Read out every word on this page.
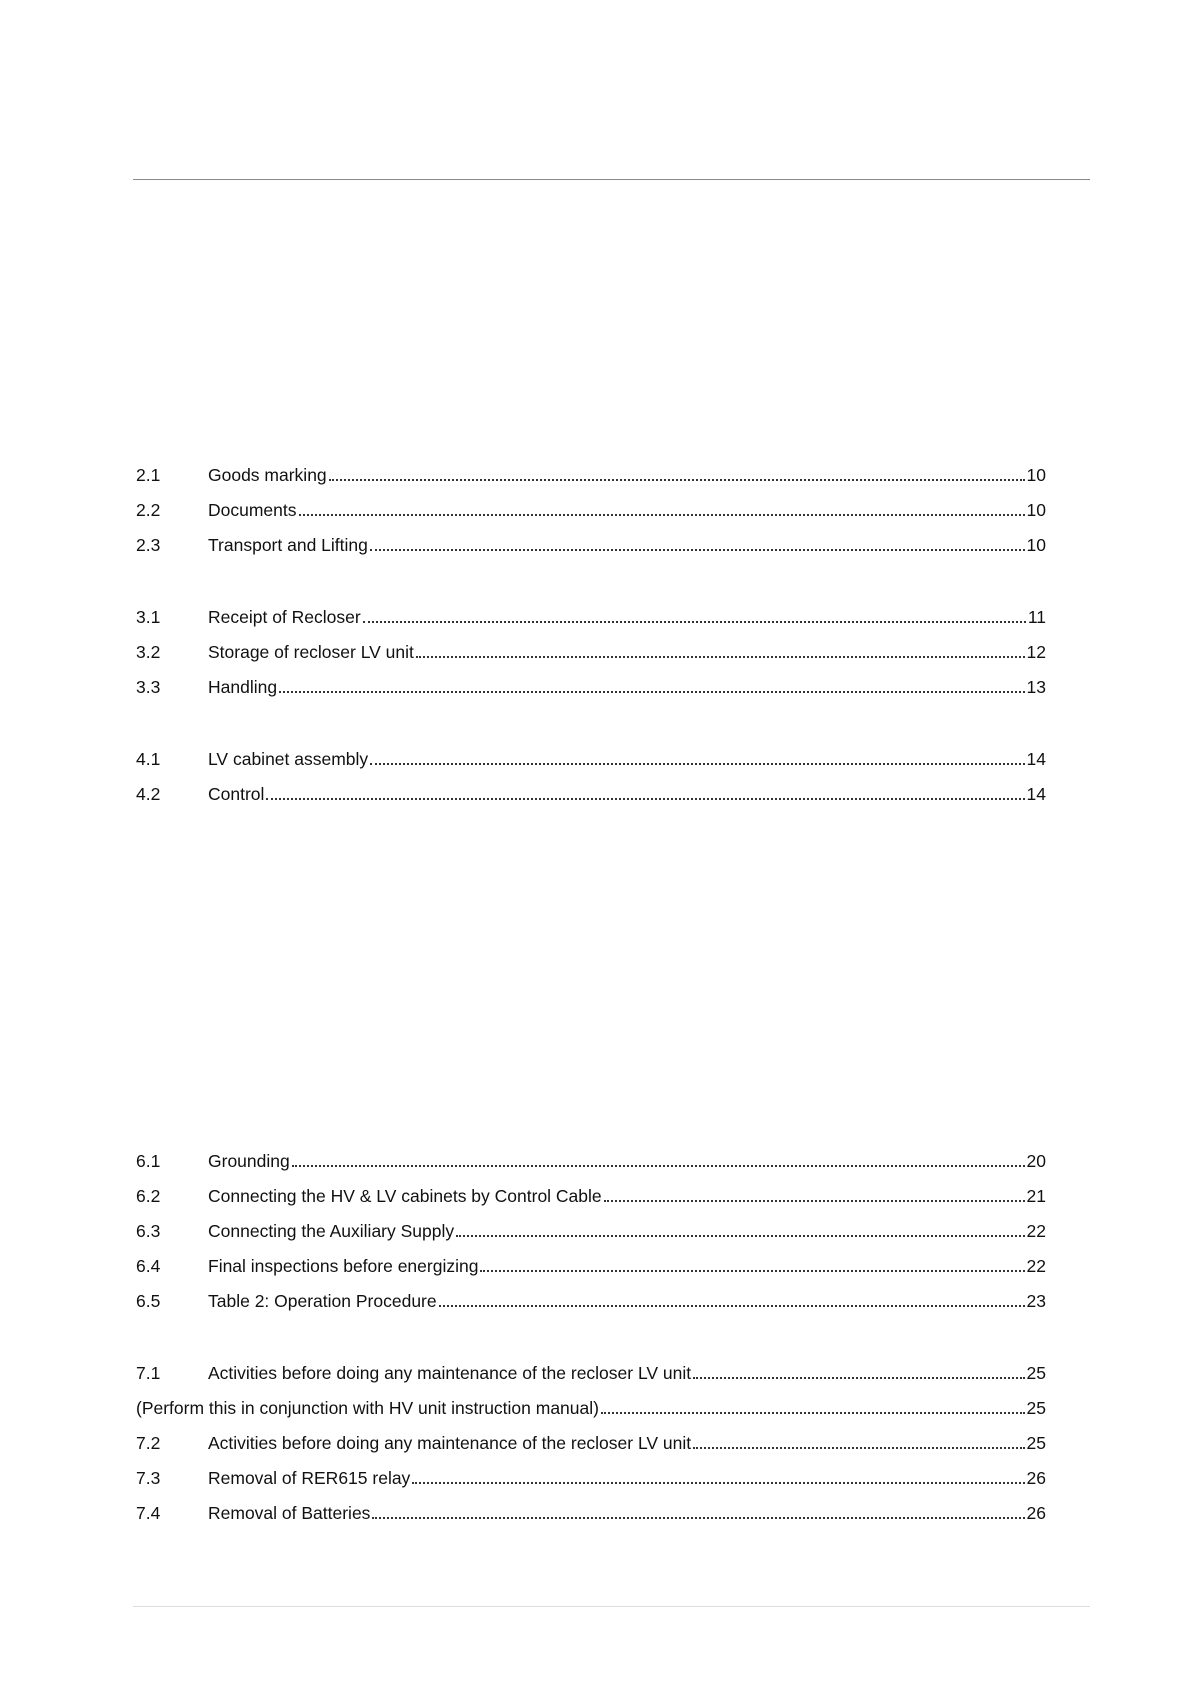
2.1	Goods marking	10
2.2	Documents	10
2.3	Transport and Lifting	10
3.1	Receipt of Recloser	11
3.2	Storage of recloser LV unit	12
3.3	Handling	13
4.1	LV cabinet assembly	14
4.2	Control	14
6.1	Grounding	20
6.2	Connecting the HV & LV cabinets by Control Cable	21
6.3	Connecting the Auxiliary Supply	22
6.4	Final inspections before energizing	22
6.5	Table 2: Operation Procedure	23
7.1	Activities before doing any maintenance of the recloser LV unit	25
(Perform this in conjunction with HV unit instruction manual)	25
7.2	Activities before doing any maintenance of the recloser LV unit	25
7.3	Removal of RER615 relay	26
7.4	Removal of Batteries	26
